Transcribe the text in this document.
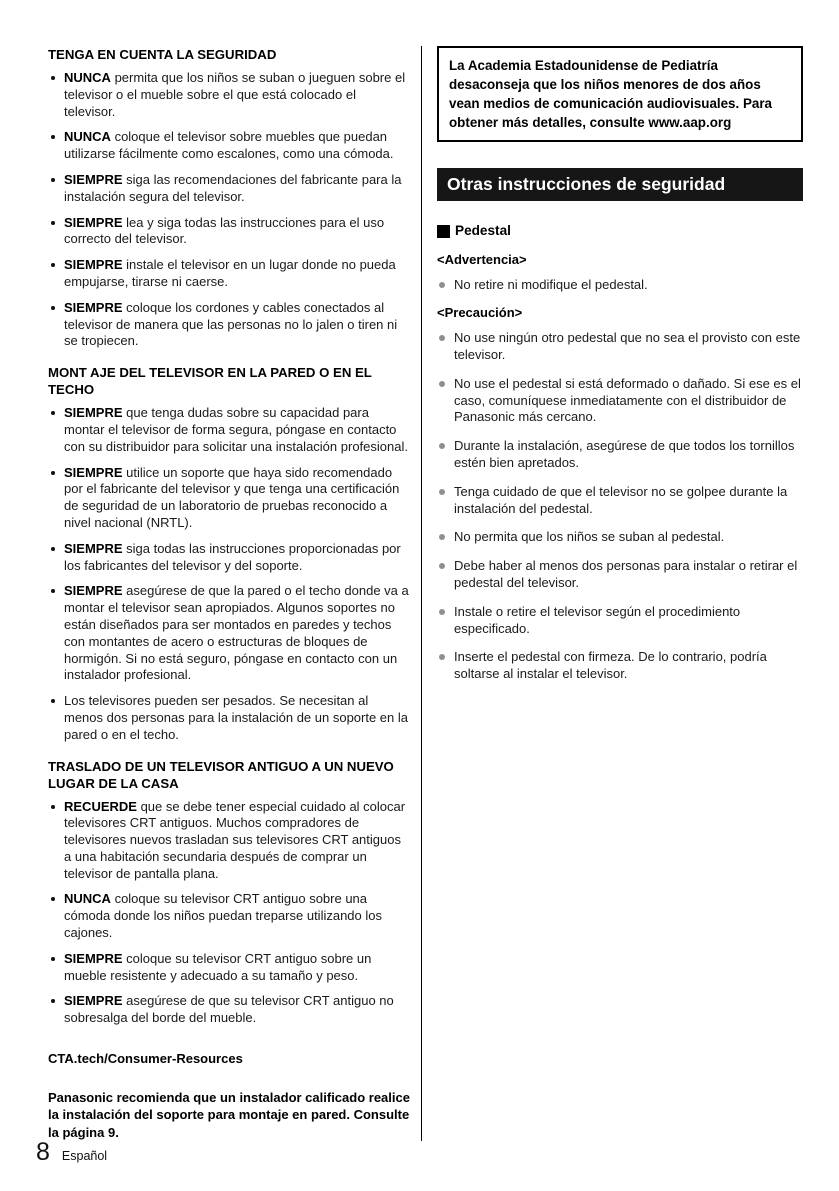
TENGA EN CUENTA LA SEGURIDAD
NUNCA permita que los niños se suban o jueguen sobre el televisor o el mueble sobre el que está colocado el televisor.
NUNCA coloque el televisor sobre muebles que puedan utilizarse fácilmente como escalones, como una cómoda.
SIEMPRE siga las recomendaciones del fabricante para la instalación segura del televisor.
SIEMPRE lea y siga todas las instrucciones para el uso correcto del televisor.
SIEMPRE instale el televisor en un lugar donde no pueda empujarse, tirarse ni caerse.
SIEMPRE coloque los cordones y cables conectados al televisor de manera que las personas no lo jalen o tiren ni se tropiecen.
MONT AJE DEL TELEVISOR EN LA PARED O EN EL TECHO
SIEMPRE que tenga dudas sobre su capacidad para montar el televisor de forma segura, póngase en contacto con su distribuidor para solicitar una instalación profesional.
SIEMPRE utilice un soporte que haya sido recomendado por el fabricante del televisor y que tenga una certificación de seguridad de un laboratorio de pruebas reconocido a nivel nacional (NRTL).
SIEMPRE siga todas las instrucciones proporcionadas por los fabricantes del televisor y del soporte.
SIEMPRE asegúrese de que la pared o el techo donde va a montar el televisor sean apropiados. Algunos soportes no están diseñados para ser montados en paredes y techos con montantes de acero o estructuras de bloques de hormigón. Si no está seguro, póngase en contacto con un instalador profesional.
Los televisores pueden ser pesados. Se necesitan al menos dos personas para la instalación de un soporte en la pared o en el techo.
TRASLADO DE UN TELEVISOR ANTIGUO A UN NUEVO LUGAR DE LA CASA
RECUERDE que se debe tener especial cuidado al colocar televisores CRT antiguos. Muchos compradores de televisores nuevos trasladan sus televisores CRT antiguos a una habitación secundaria después de comprar un televisor de pantalla plana.
NUNCA coloque su televisor CRT antiguo sobre una cómoda donde los niños puedan treparse utilizando los cajones.
SIEMPRE coloque su televisor CRT antiguo sobre un mueble resistente y adecuado a su tamaño y peso.
SIEMPRE asegúrese de que su televisor CRT antiguo no sobresalga del borde del mueble.
CTA.tech/Consumer-Resources

Panasonic recomienda que un instalador calificado realice la instalación del soporte para montaje en pared. Consulte la página 9.

La Academia Estadounidense de Pediatría desaconseja que los niños menores de dos años vean medios de comunicación audiovisuales. Para obtener más detalles, consulte www.aap.org
Otras instrucciones de seguridad
Pedestal
<Advertencia>
No retire ni modifique el pedestal.
<Precaución>
No use ningún otro pedestal que no sea el provisto con este televisor.
No use el pedestal si está deformado o dañado. Si ese es el caso, comuníquese inmediatamente con el distribuidor de Panasonic más cercano.
Durante la instalación, asegúrese de que todos los tornillos estén bien apretados.
Tenga cuidado de que el televisor no se golpee durante la instalación del pedestal.
No permita que los niños se suban al pedestal.
Debe haber al menos dos personas para instalar o retirar el pedestal del televisor.
Instale o retire el televisor según el procedimiento especificado.
Inserte el pedestal con firmeza. De lo contrario, podría soltarse al instalar el televisor.
8 Español
